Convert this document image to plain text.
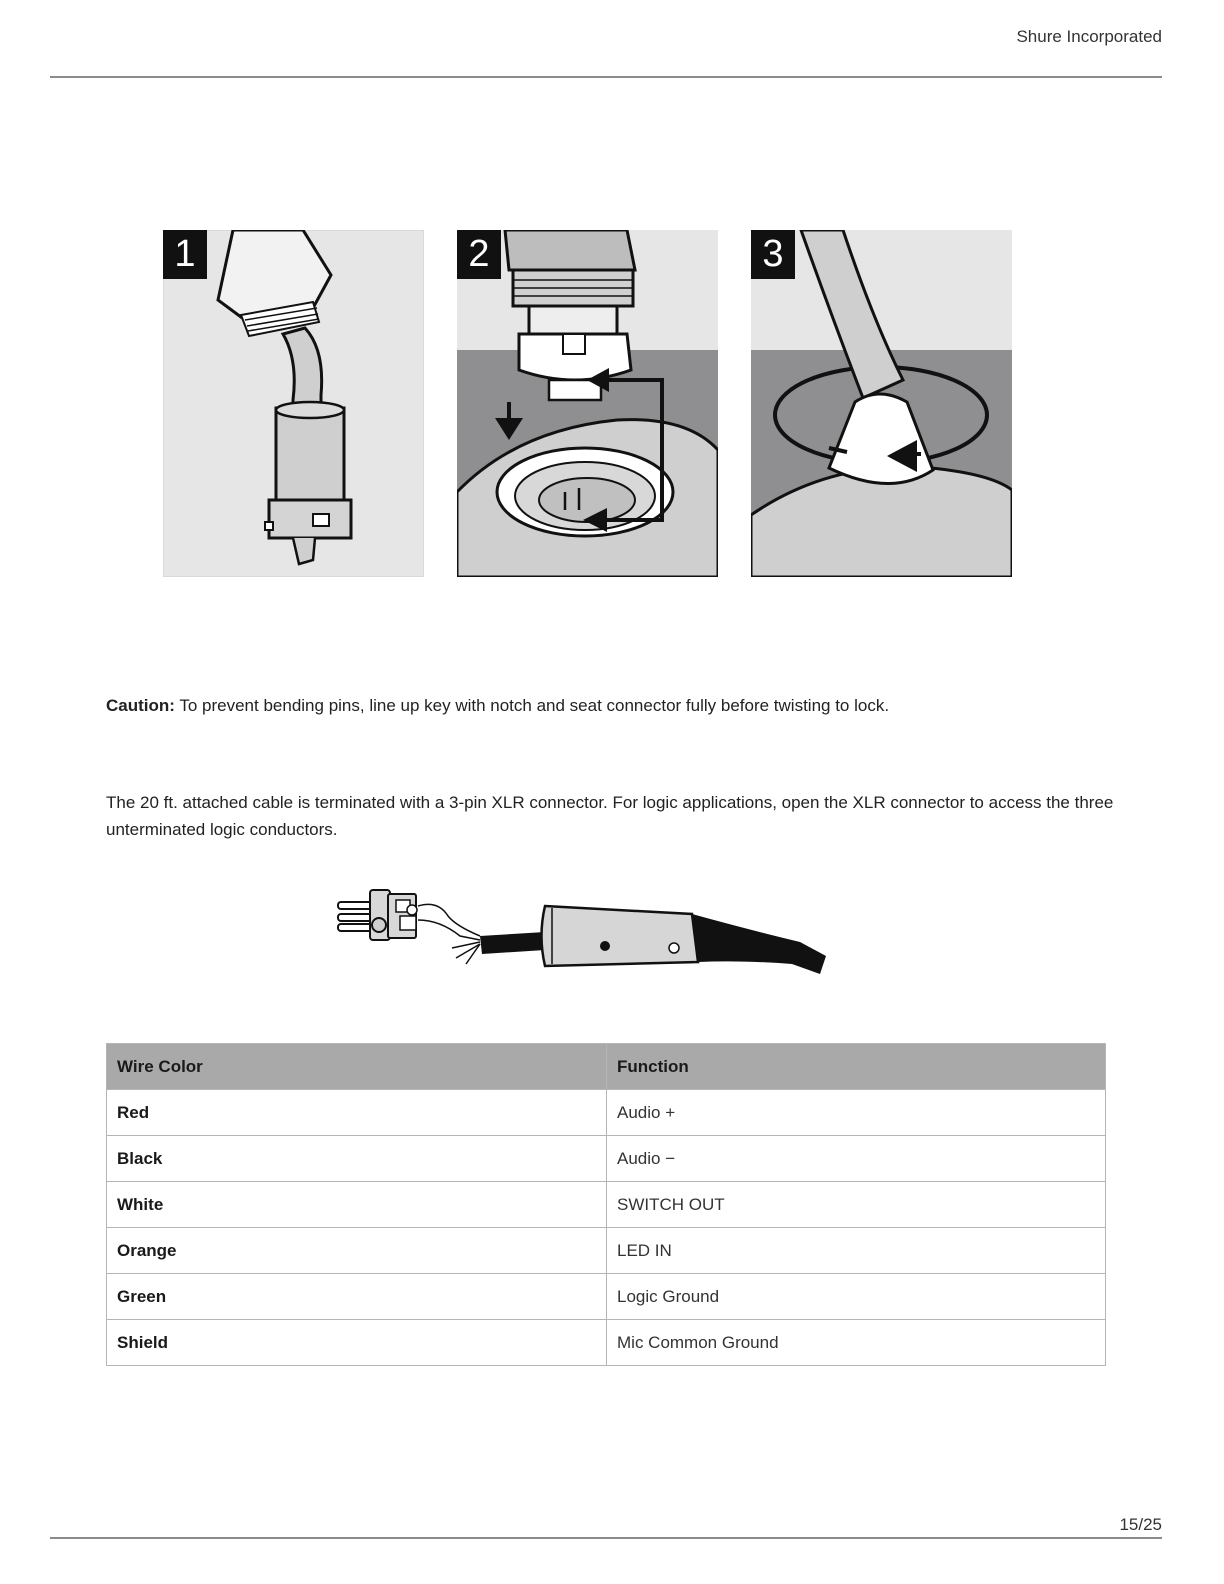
Shure Incorporated
1	2	3
Caution: To prevent bending pins, line up key with notch and seat connector fully before twisting to lock.
The 20 ft. attached cable is terminated with a 3-pin XLR connector. For logic applications, open the XLR connector to access the three unterminated logic conductors.
Wire Color	Function
Red	Audio +
Black	Audio −
White	SWITCH OUT
Orange	LED IN
Green	Logic Ground
Shield	Mic Common Ground
15/25
